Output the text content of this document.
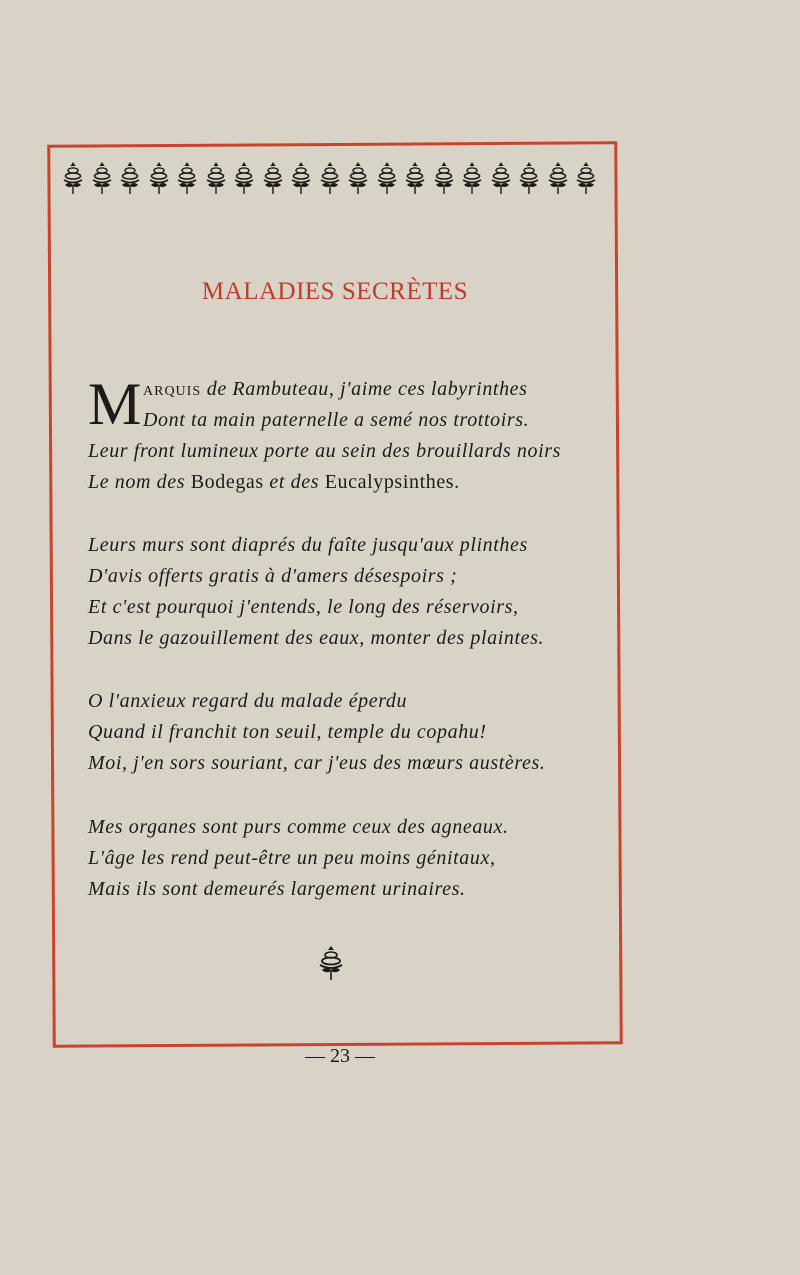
MALADIES SECRÈTES
M arquis de Rambuteau, j'aime ces labyrinthes
Dont ta main paternelle a semé nos trottoirs.
Leur front lumineux porte au sein des brouillards noirs
Le nom des Bodegas et des Eucalypsinthes.
Leurs murs sont diaprés du faîte jusqu'aux plinthes
D'avis offerts gratis à d'amers désespoirs ;
Et c'est pourquoi j'entends, le long des réservoirs,
Dans le gazouillement des eaux, monter des plaintes.
O l'anxieux regard du malade éperdu
Quand il franchit ton seuil, temple du copahu!
Moi, j'en sors souriant, car j'eus des mœurs austères.
Mes organes sont purs comme ceux des agneaux.
L'âge les rend peut-être un peu moins génitaux,
Mais ils sont demeurés largement urinaires.
— 23 —
